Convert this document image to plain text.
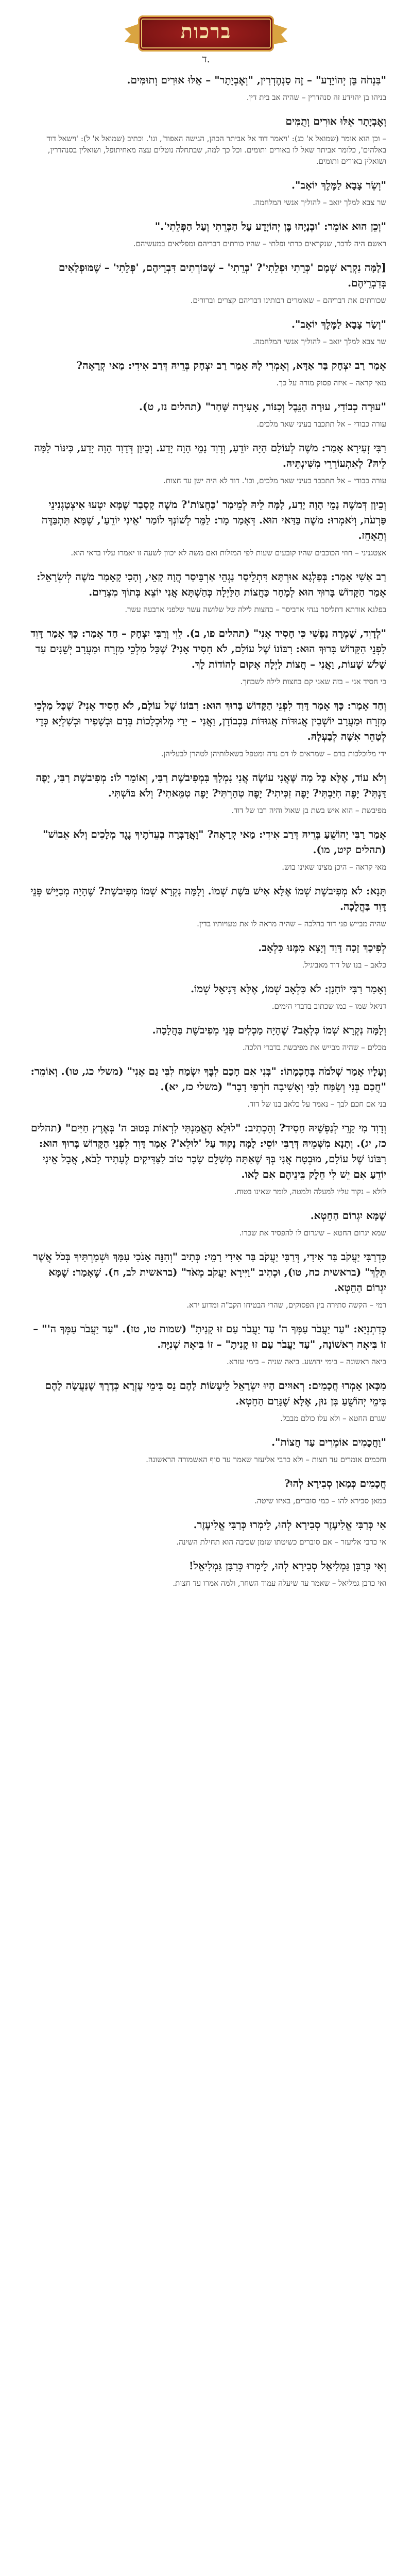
ברכות
ד.

"בִּנְחֹה בֵּן יְהוֹיָדָע" – זֶה סַנְהֶדְרִין, "וְאֶבְיָתָר" – אֵלּוּ אוּרִים וְתוּמִּים.

בניהו בן יהוידע זה סנהדרין – שהיה אב בית דין.

וְאֶבְיָתָר אֵלּוּ אוּרִים וְתֻמִּים

– וכן הוא אומר (שמואל א' כג): 'ויאמר דוד אל אביתר הכהן, הגישה האפוד', וגו'. וכתיב (שמואל א' ל): 'וישאל דוד באלהים', כלומר אביתר שאל לו באורים ותומים. וכל כך למה, שבתחלה נוטלים עצה מאחיתופל, ושואלין בסנהדרין, ושואלין באורים ותומים.

"וְשֵׂר צָבָא לַמֶּלֶךְ יוֹאָב".

שר צבא למלך יואב – להוליך אנשי המלחמה.

"וְכֵן הוּא אוֹמֵר: 'וּבְנָיָהוּ בֶּן יְהוֹיָדָע עַל הַכְּרֵתִי וְעַל הַפְּלֵתִי'."

ראשם היה לדבר, שנקראים כרתי ופלתי – שהיו כורתים דבריהם ומפליאים במעשיהם.

[לָמָּה נִקְרָא שְׁמָם 'כְּרֵתִי וּפְלֵתִי'? 'כְּרֵתִי' – שֶׁכּוֹרְתִים דִּבְרֵיהֶם, 'פְּלֵתִי' – שֶׁמּוּפְלָאִים בְּדִבְרֵיהֶם.

שכורתים את דבריהם – שאומרים רבותינו דבריהם קצרים וברורים.

"וְשַׂר צָבָא לַמֶּלֶךְ יוֹאָב".

שר צבא למלך יואב – להוליך אנשי המלחמה.

אָמַר רַב יִצְחָק בַּר אַדָּא, וְאָמְרִי לָהּ אָמַר רַב יִצְחָק בְּרֵיהּ דְּרַב אִידִי: מַאי קְרָאָה?

מאי קראה – איזה פסוק מורה על כך.

"עוּרָה כְבוֹדִי, עוּרָה הַנֵּבֶל וְכִנּוֹר, אָעִירָה שָּׁחַר" (תהלים נז, ט).

עורה כבודי – אל תתכבד בעיני שאר מלכים.

רַבִּי זְעִירָא אָמַר: משֶׁה לְעוֹלָם הָיָה יוֹדֵעַ, וְדָוִד נָמֵי הָוָה יָדַע. וְכֵיוָן דְּדָוִד הָוָה יָדַע, כִּינּוֹר לָמָּה לֵיהּ? לְאִתְעוֹרֵרֵי מִשִּׁינְתֵּיהּ.

עורה כבודי – אל תתכבד בעיני שאר מלכים, וכו'. דוד לא היה ישן עד חצות.

וְכֵיוָן דְּמשֶׁה נָמֵי הָוָה יָדַע, לָמָּה לֵיהּ לְמֵימַר 'כַּחֲצוֹת'? משֶׁה קָסָבַר שֶׁמָּא יִטְעוּ אִיצְטַגְנִינֵי פַּרְעֹה, וְיֹאמְרוּ: משֶׁה בַּדַּאי הוּא. דְּאָמַר מָר: לַמֵּד לְשׁוֹנְךָ לוֹמַר 'אֵינִי יוֹדֵעַ', שֶׁמָּא תִּתְבַּדֶּה וְתֵאָחֵז.

אצטגניני – חוזי הכוכבים שהיו קובעים שעות לפי המזלות ואם משה לא יכוון לשעה זו יאמרו עליו בדאי הוא.

רַב אַשִׁי אָמַר: בְּפַלְגָא אוּרְתָּא דִּתְלֵיסַר נַגְהֵי אַרְבֵּיסַר הֲוָה קָאֵי, וְהָכִי קָאָמַר משֶׁה לְיִשְׂרָאֵל: אָמַר הַקָּדוֹשׁ בָּרוּךְ הוּא לְמָחָר כַּחֲצוֹת הַלַּיְלָה כְּהַשְׁתָּא אֲנִי יוֹצֵא בְּתוֹךְ מִצְרַיִם.

בפלגא אורתא דתליסר נגהי ארביסר – בחצות לילה של שלושה עשר שלפני ארבעה עשר.

"לְדָוִד, שָׁמְרָה נַפְשִׁי כִּי חָסִיד אָנִי" (תהלים פו, ב). לֵוִי וְרַבִּי יִצְחָק – חַד אָמַר: כָּךְ אָמַר דָּוִד לִפְנֵי הַקָּדוֹשׁ בָּרוּךְ הוּא: רִבּוֹנוֹ שֶׁל עוֹלָם, לֹא חָסִיד אָנִי? שֶׁכָּל מַלְכֵי מִזְרָח וּמַעֲרָב יְשֵׁנִים עַד שָׁלֹשׁ שָׁעוֹת, וַאֲנִי – חֲצוֹת לַיְלָה אָקוּם לְהוֹדוֹת לָךְ.

כי חסיד אני – בזה שאני קם בחצות לילה לשבחך.

וְחַד אָמַר: כָּךְ אָמַר דָּוִד לִפְנֵי הַקָּדוֹשׁ בָּרוּךְ הוּא: רִבּוֹנוֹ שֶׁל עוֹלָם, לֹא חָסִיד אָנִי? שֶׁכָּל מַלְכֵי מִזְרָח וּמַעֲרָב יוֹשְׁבִין אֲגוּדּוֹת אֲגוּדּוֹת בִּכְבוֹדָן, וַאֲנִי – יָדַי מְלוּכְלָכוֹת בְּדָם וּבְשָׁפִיר וּבְשִׁלְיָא כְּדֵי לְטַהֵר אִשָּׁה לְבַעְלָהּ.

ידי מלוכלכות בדם – שמראים לו דם נדה ומטפל בשאלותיהן לטהרן לבעליהן.

וְלֹא עוֹד, אֶלָּא כָּל מַה שֶּׁאֲנִי עוֹשֶׂה אֲנִי נִמְלָךְ בִּמְפִיבשֶׁת רַבִּי, וְאוֹמֵר לוֹ: מְפִיבשֶׁת רַבִּי, יָפֶה דַּנְתִּי? יָפֶה חִיַּבְתִּי? יָפֶה זִכִּיתִי? יָפֶה טִהַרְתִּי? יָפֶה טִמֵּאתִי? וְלֹא בּוֹשְׁתִּי.

מפיבשת – הוא איש בשת בן שאול והיה רבו של דוד.

אָמַר רַבִּי יְהוֹשֻׁעַ בְּרֵיהּ דְּרַב אִידִי: מַאי קְרָאָה? "וָאֲדַבְּרָה בְעֵדֹתֶיךָ נֶגֶד מְלָכִים וְלֹא אֵבוֹשׁ" (תהלים קיט, מו).

מאי קראה – היכן מצינו שאינו בוש.

תָּנָא: לֹא מְפִיבשֶׁת שְׁמוֹ אֶלָּא אִישׁ בּשֶׁת שְׁמוֹ. וְלָמָּה נִקְרָא שְׁמוֹ מְפִיבשֶׁת? שֶׁהָיָה מְבַיֵּישׁ פְּנֵי דָּוִד בַּהֲלָכָה.

שהיה מבייש פני דוד בהלכה – שהיה מראה לו את טעויותיו בדין.

לְפִיכָךְ זָכָה דָּוִד וְיָצָא מִמֶּנּוּ כִּלְאָב.

כלאב – בנו של דוד מאביגיל.

וְאָמַר רַבִּי יוֹחָנָן: לֹא כִּלְאָב שְׁמוֹ, אֶלָּא דָּנִיאֵל שְׁמוֹ.

דניאל שמו – כמו שכתוב בדברי הימים.

וְלָמָּה נִקְרָא שְׁמוֹ כִּלְאָב? שֶׁהָיָה מַכְלִים פְּנֵי מְפִיבשֶׁת בַּהֲלָכָה.

מכלים – שהיה מבייש את מפיבשת בדברי הלכה.

וְעָלָיו אָמַר שְׁלֹמֹה בְּחָכְמָתוֹ: "בְּנִי אִם חָכַם לִבֶּךָ יִשְׂמַח לִבִּי גַם אָנִי" (משלי כג, טו). וְאוֹמֵר: "חֲכַם בְּנִי וְשַׂמַּח לִבִּי וְאָשִׁיבָה חֹרְפִי דָבָר" (משלי כז, יא).

בני אם חכם לבך – נאמר על כלאב בנו של דוד.

וְדָוִד מִי קָרֵי לְנַפְשֵׁיהּ חָסִיד? וְהָכְתִיב: "לוּלֵא הֶאֱמַנְתִּי לִרְאוֹת בְּטוּב ה' בְּאֶרֶץ חַיִּים" (תהלים כז, יג). וְתָנָא מִשְּׁמֵיהּ דְּרַבִּי יוֹסֵי: לָמָּה נָקוּד עַל 'לוּלֵא'? אָמַר דָּוִד לִפְנֵי הַקָּדוֹשׁ בָּרוּךְ הוּא: רִבּוֹנוֹ שֶׁל עוֹלָם, מוּבְטָח אֲנִי בְּךָ שֶׁאַתָּה מְשַׁלֵּם שָׂכָר טוֹב לַצַּדִּיקִים לֶעָתִיד לָבֹא, אֲבָל אֵינִי יוֹדֵעַ אִם יֵשׁ לִי חֵלֶק בֵּינֵיהֶם אִם לָאו.

לולא – נקוד עליו למעלה ולמטה, לומר שאינו בטוח.

שֶׁמָּא יִגְרוֹם הַחֵטְא.

שמא יגרום החטא – שיגרום לו להפסיד את שכרו.

כִּדְרַבִּי יַעֲקֹב בַּר אִידִי, דְּרַבִּי יַעֲקֹב בַּר אִידִי רָמֵי: כְּתִיב "וְהִנֵּה אָנֹכִי עִמָּךְ וּשְׁמַרְתִּיךָ בְּכֹל אֲשֶׁר תֵּלֵךְ" (בראשית כח, טו), וּכְתִיב "וַיִּירָא יַעֲקֹב מְאֹד" (בראשית לב, ח). שֶׁאָמַר: שֶׁמָּא יִגְרוֹם הַחֵטְא.

רמי – הקשה סתירה בין הפסוקים, שהרי הבטיחו הקב"ה ומדוע ירא.

כְּדִתְנְיָא: "עַד יַעֲבֹר עַמְּךָ ה' עַד יַעֲבֹר עַם זוּ קָנִיתָ" (שמות טו, טז). "עַד יַעֲבֹר עַמְּךָ ה'" – זוֹ בִּיאָה רִאשׁוֹנָה, "עַד יַעֲבֹר עַם זוּ קָנִיתָ" – זוֹ בִּיאָה שְׁנִיָּה.

ביאה ראשונה – בימי יהושע. ביאה שניה – בימי עזרא.

מִכָּאן אָמְרוּ חֲכָמִים: רְאוּיִים הָיוּ יִשְׂרָאֵל לֵיעָשׂוֹת לָהֶם נֵס בִּימֵי עֶזְרָא כְּדֶרֶךְ שֶׁנַּעֲשָׂה לָהֶם בִּימֵי יְהוֹשֻׁעַ בִּן נוּן, אֶלָּא שֶׁגָּרַם הַחֵטְא.

שגרם החטא – ולא עלו כולם מבבל.

"וַחֲכָמִים אוֹמְרִים עַד חֲצוֹת".

וחכמים אומרים עד חצות – ולא כרבי אליעזר שאמר עד סוף האשמורה הראשונה.

חֲכָמִים כְּמַאן סְבִירָא לְהוּ?

כמאן סבירא להו – כמי סוברים, באיזו שיטה.

אִי כְּרַבִּי אֱלִיעֶזֶר סְבִירָא לְהוּ, לֵימְרוּ כְּרַבִּי אֱלִיעֶזֶר.

אי כרבי אליעזר – אם סוברים כשיטתו שזמן שכיבה הוא תחילת השינה.

וְאִי כְּרַבָּן גַּמְלִיאֵל סְבִירָא לְהוּ, לֵימְרוּ כְּרַבָּן גַּמְלִיאֵל!

ואי כרבן גמליאל – שאמר עד שיעלה עמוד השחר, ולמה אמרו עד חצות.
